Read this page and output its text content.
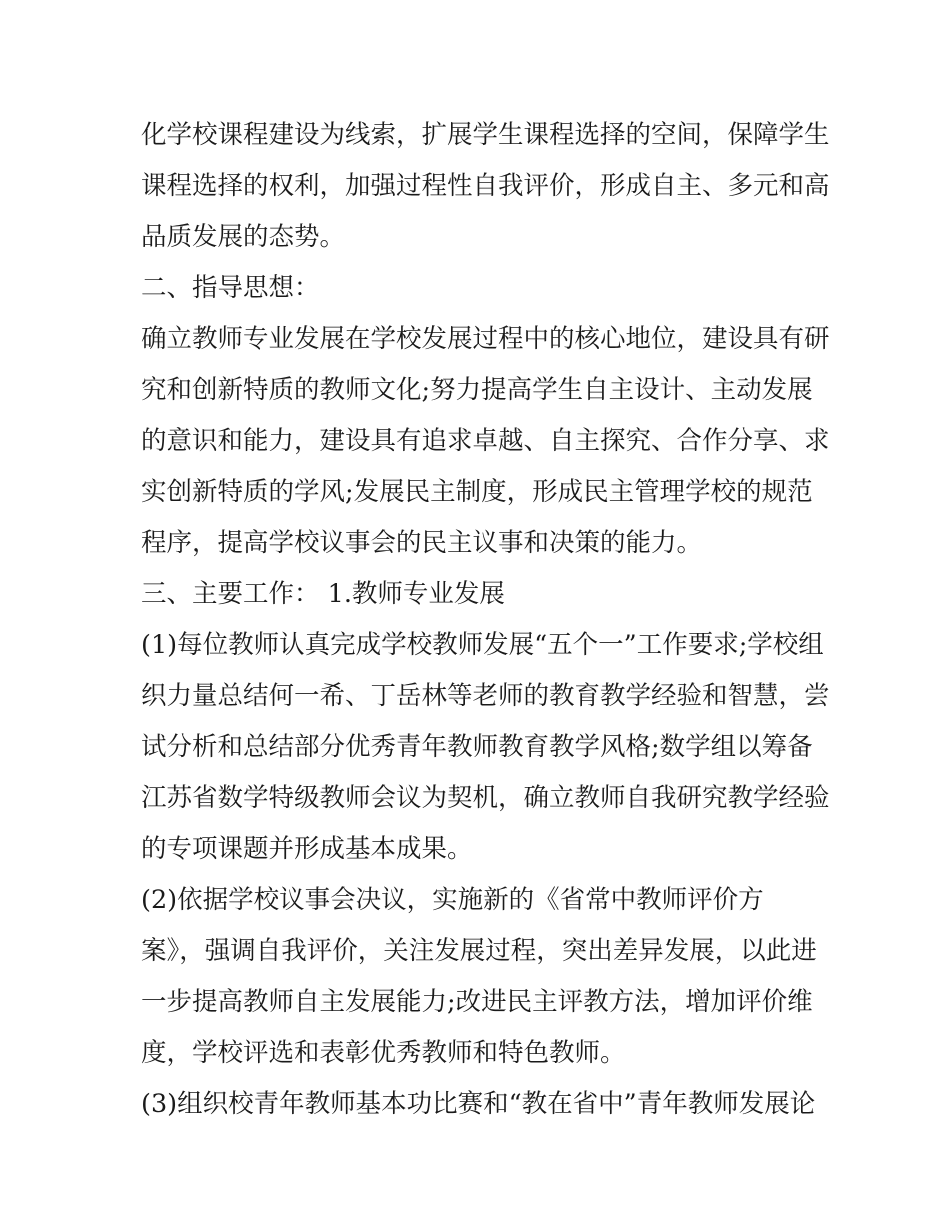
化学校课程建设为线索，扩展学生课程选择的空间，保障学生
课程选择的权利，加强过程性自我评价，形成自主、多元和高
品质发展的态势。
二、指导思想：
确立教师专业发展在学校发展过程中的核心地位，建设具有研
究和创新特质的教师文化;努力提高学生自主设计、主动发展
的意识和能力，建设具有追求卓越、自主探究、合作分享、求
实创新特质的学风;发展民主制度，形成民主管理学校的规范
程序，提高学校议事会的民主议事和决策的能力。
三、主要工作： 1.教师专业发展
(1)每位教师认真完成学校教师发展“五个一”工作要求;学校组
织力量总结何一希、丁岳林等老师的教育教学经验和智慧，尝
试分析和总结部分优秀青年教师教育教学风格;数学组以筹备
江苏省数学特级教师会议为契机，确立教师自我研究教学经验
的专项课题并形成基本成果。
(2)依据学校议事会决议，实施新的《省常中教师评价方
案》，强调自我评价，关注发展过程，突出差异发展，以此进
一步提高教师自主发展能力;改进民主评教方法，增加评价维
度，学校评选和表彰优秀教师和特色教师。
(3)组织校青年教师基本功比赛和“教在省中”青年教师发展论
